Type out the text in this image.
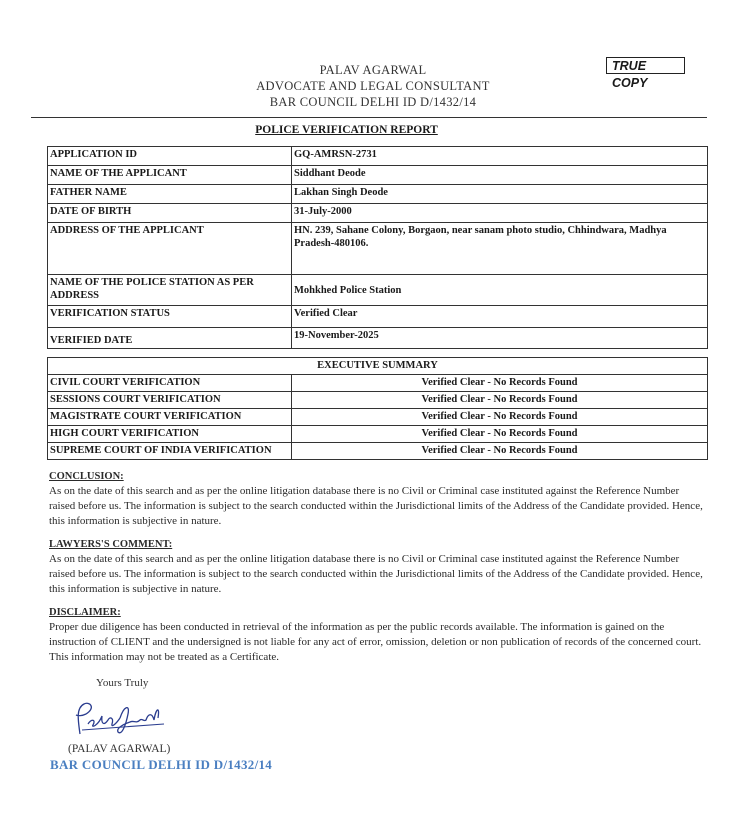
PALAV AGARWAL
ADVOCATE AND LEGAL CONSULTANT
BAR COUNCIL DELHI ID D/1432/14
TRUE COPY
POLICE VERIFICATION REPORT
APPLICATION ID	GQ-AMRSN-2731
NAME OF THE APPLICANT	Siddhant Deode
FATHER NAME	Lakhan Singh Deode
DATE OF BIRTH	31-July-2000
ADDRESS OF THE APPLICANT	HN. 239, Sahane Colony, Borgaon, near sanam photo studio, Chhindwara, Madhya Pradesh-480106.
NAME OF THE POLICE STATION AS PER ADDRESS	Mohkhed Police Station
VERIFICATION STATUS	Verified Clear
VERIFIED DATE	19-November-2025
EXECUTIVE SUMMARY	
CIVIL COURT VERIFICATION	Verified Clear - No Records Found
SESSIONS COURT VERIFICATION	Verified Clear - No Records Found
MAGISTRATE COURT VERIFICATION	Verified Clear - No Records Found
HIGH COURT VERIFICATION	Verified Clear - No Records Found
SUPREME COURT OF INDIA VERIFICATION	Verified Clear - No Records Found
CONCLUSION:
As on the date of this search and as per the online litigation database there is no Civil or Criminal case instituted against the Reference Number raised before us. The information is subject to the search conducted within the Jurisdictional limits of the Address of the Candidate provided. Hence, this information is subjective in nature.
LAWYERS'S COMMENT:
As on the date of this search and as per the online litigation database there is no Civil or Criminal case instituted against the Reference Number raised before us. The information is subject to the search conducted within the Jurisdictional limits of the Address of the Candidate provided. Hence, this information is subjective in nature.
DISCLAIMER:
Proper due diligence has been conducted in retrieval of the information as per the public records available. The information is gained on the instruction of CLIENT and the undersigned is not liable for any act of error, omission, deletion or non publication of records of the concerned court. This information may not be treated as a Certificate.
Yours Truly
(PALAV AGARWAL)
BAR COUNCIL DELHI ID D/1432/14
